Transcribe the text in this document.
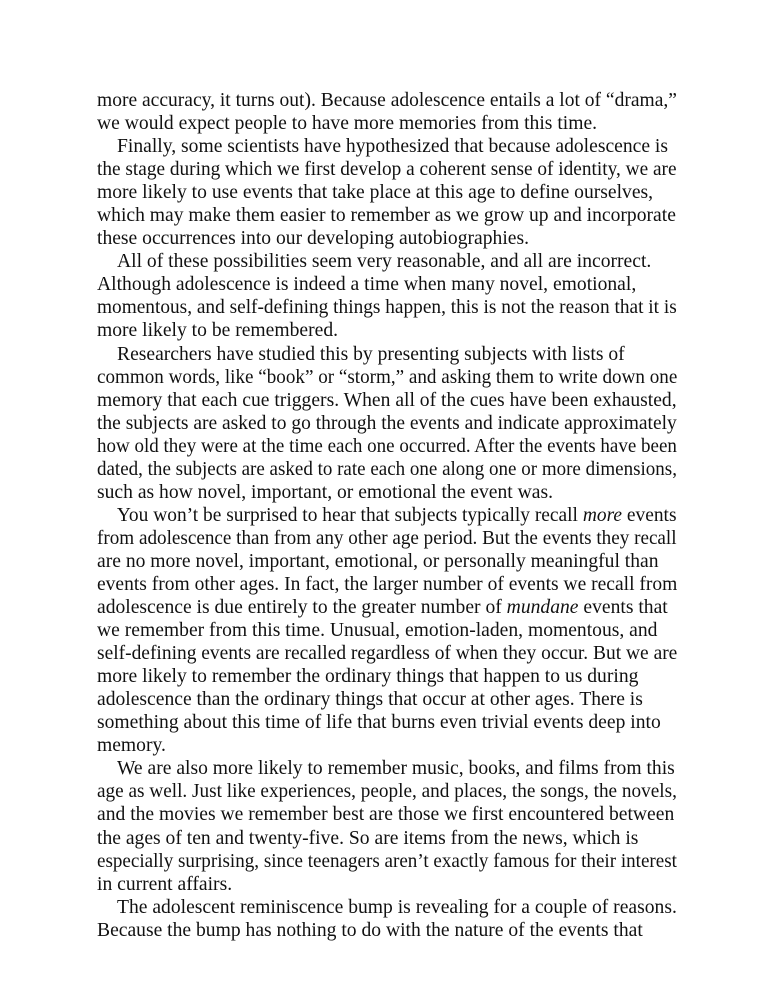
more accuracy, it turns out). Because adolescence entails a lot of “drama,”
we would expect people to have more memories from this time.
Finally, some scientists have hypothesized that because adolescence is
the stage during which we first develop a coherent sense of identity, we are
more likely to use events that take place at this age to define ourselves,
which may make them easier to remember as we grow up and incorporate
these occurrences into our developing autobiographies.
All of these possibilities seem very reasonable, and all are incorrect.
Although adolescence is indeed a time when many novel, emotional,
momentous, and self-defining things happen, this is not the reason that it is
more likely to be remembered.
Researchers have studied this by presenting subjects with lists of
common words, like “book” or “storm,” and asking them to write down one
memory that each cue triggers. When all of the cues have been exhausted,
the subjects are asked to go through the events and indicate approximately
how old they were at the time each one occurred. After the events have been
dated, the subjects are asked to rate each one along one or more dimensions,
such as how novel, important, or emotional the event was.
You won’t be surprised to hear that subjects typically recall more events
from adolescence than from any other age period. But the events they recall
are no more novel, important, emotional, or personally meaningful than
events from other ages. In fact, the larger number of events we recall from
adolescence is due entirely to the greater number of mundane events that
we remember from this time. Unusual, emotion-laden, momentous, and
self-defining events are recalled regardless of when they occur. But we are
more likely to remember the ordinary things that happen to us during
adolescence than the ordinary things that occur at other ages. There is
something about this time of life that burns even trivial events deep into
memory.
We are also more likely to remember music, books, and films from this
age as well. Just like experiences, people, and places, the songs, the novels,
and the movies we remember best are those we first encountered between
the ages of ten and twenty-five. So are items from the news, which is
especially surprising, since teenagers aren’t exactly famous for their interest
in current affairs.
The adolescent reminiscence bump is revealing for a couple of reasons.
Because the bump has nothing to do with the nature of the events that
